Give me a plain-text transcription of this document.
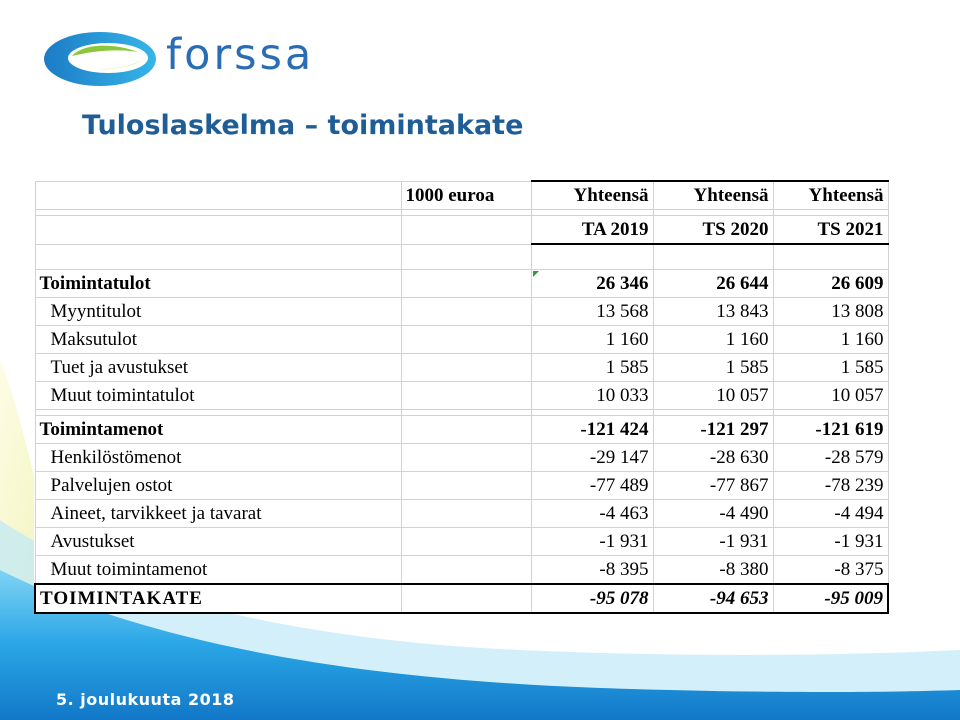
forssa
Tuloslaskelma – toimintakate
	1000 euroa	Yhteensä	Yhteensä	Yhteensä

		TA 2019	TS 2020	TS 2021

Toimintatulot		26 346	26 644	26 609
Myyntitulot		13 568	13 843	13 808
Maksutulot		1 160	1 160	1 160
Tuet ja avustukset		1 585	1 585	1 585
Muut toimintatulot		10 033	10 057	10 057

Toimintamenot		-121 424	-121 297	-121 619
Henkilöstömenot		-29 147	-28 630	-28 579
Palvelujen ostot		-77 489	-77 867	-78 239
Aineet, tarvikkeet ja tavarat		-4 463	-4 490	-4 494
Avustukset		-1 931	-1 931	-1 931
Muut toimintamenot		-8 395	-8 380	-8 375
TOIMINTAKATE		-95 078	-94 653	-95 009
5. joulukuuta 2018
